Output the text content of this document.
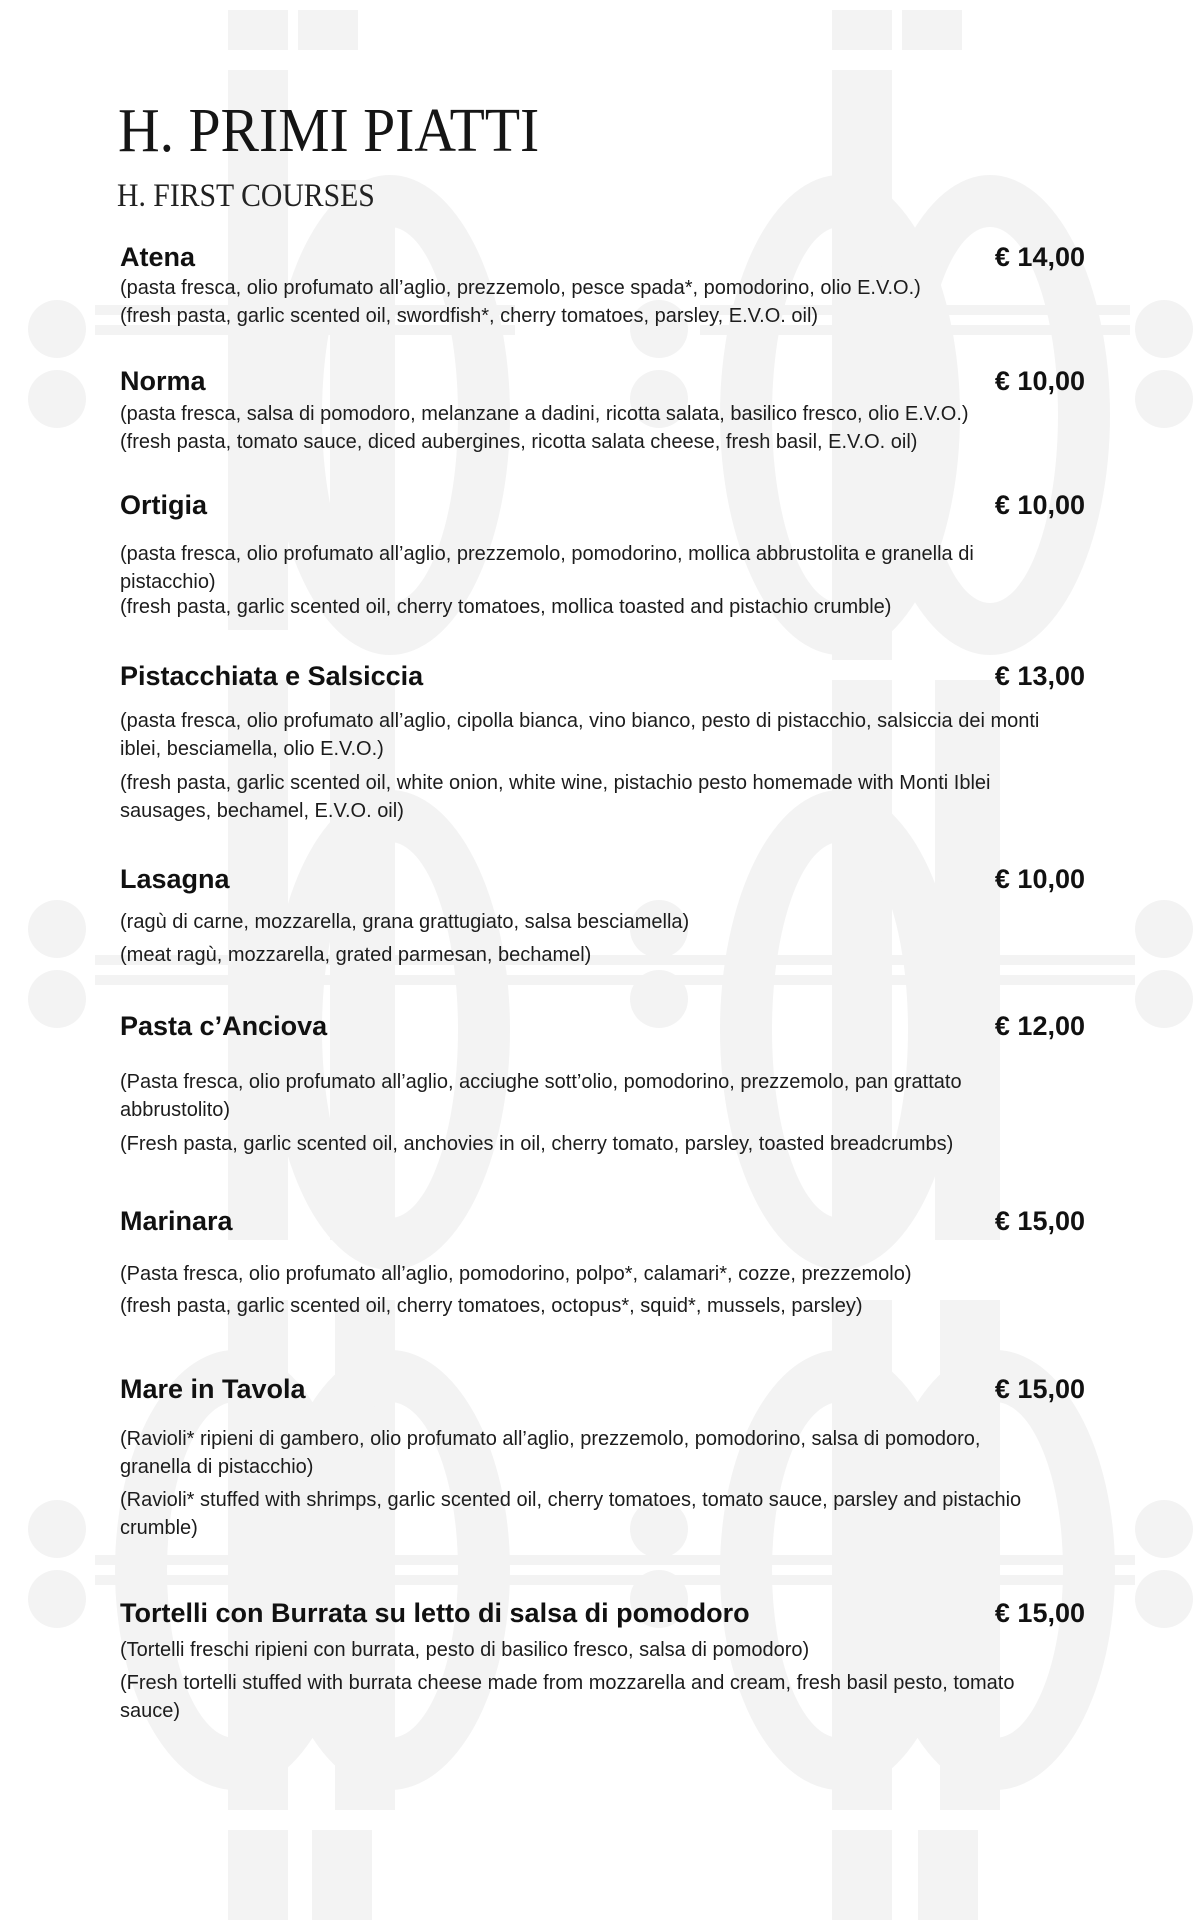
H. PRIMI PIATTI
H. FIRST COURSES
Atena	€ 14,00

(pasta fresca, olio profumato all’aglio, prezzemolo, pesce spada*, pomodorino, olio E.V.O.)

(fresh pasta, garlic scented oil, swordfish*, cherry tomatoes, parsley, E.V.O. oil)

Norma	€ 10,00

(pasta fresca, salsa di pomodoro, melanzane a dadini, ricotta salata, basilico fresco, olio E.V.O.)

(fresh pasta, tomato sauce, diced aubergines, ricotta salata cheese, fresh basil, E.V.O. oil)

Ortigia	€ 10,00

(pasta fresca, olio profumato all’aglio, prezzemolo, pomodorino, mollica abbrustolita e granella di pistacchio)

(fresh pasta, garlic scented oil, cherry tomatoes, mollica toasted and pistachio crumble)

Pistacchiata e Salsiccia	€ 13,00

(pasta fresca, olio profumato all’aglio, cipolla bianca, vino bianco, pesto di pistacchio, salsiccia dei monti iblei, besciamella, olio E.V.O.)

(fresh pasta, garlic scented oil, white onion, white wine, pistachio pesto homemade with Monti Iblei sausages, bechamel, E.V.O. oil)

Lasagna	€ 10,00

(ragù di carne, mozzarella, grana grattugiato, salsa besciamella)

(meat ragù, mozzarella, grated parmesan, bechamel)

Pasta c’Anciova	€ 12,00

(Pasta fresca, olio profumato all’aglio, acciughe sott’olio, pomodorino, prezzemolo, pan grattato abbrustolito)

(Fresh pasta, garlic scented oil, anchovies in oil, cherry tomato, parsley, toasted breadcrumbs)

Marinara	€ 15,00

(Pasta fresca, olio profumato all’aglio, pomodorino, polpo*, calamari*, cozze, prezzemolo)

(fresh pasta, garlic scented oil, cherry tomatoes, octopus*, squid*, mussels, parsley)

Mare in Tavola	€ 15,00

(Ravioli* ripieni di gambero, olio profumato all’aglio, prezzemolo, pomodorino, salsa di pomodoro, granella di pistacchio)

(Ravioli* stuffed with shrimps, garlic scented oil, cherry tomatoes, tomato sauce, parsley and pistachio crumble)

Tortelli con Burrata su letto di salsa di pomodoro	€ 15,00

(Tortelli freschi ripieni con burrata, pesto di basilico fresco, salsa di pomodoro)

(Fresh tortelli stuffed with burrata cheese made from mozzarella and cream, fresh basil pesto, tomato sauce)
